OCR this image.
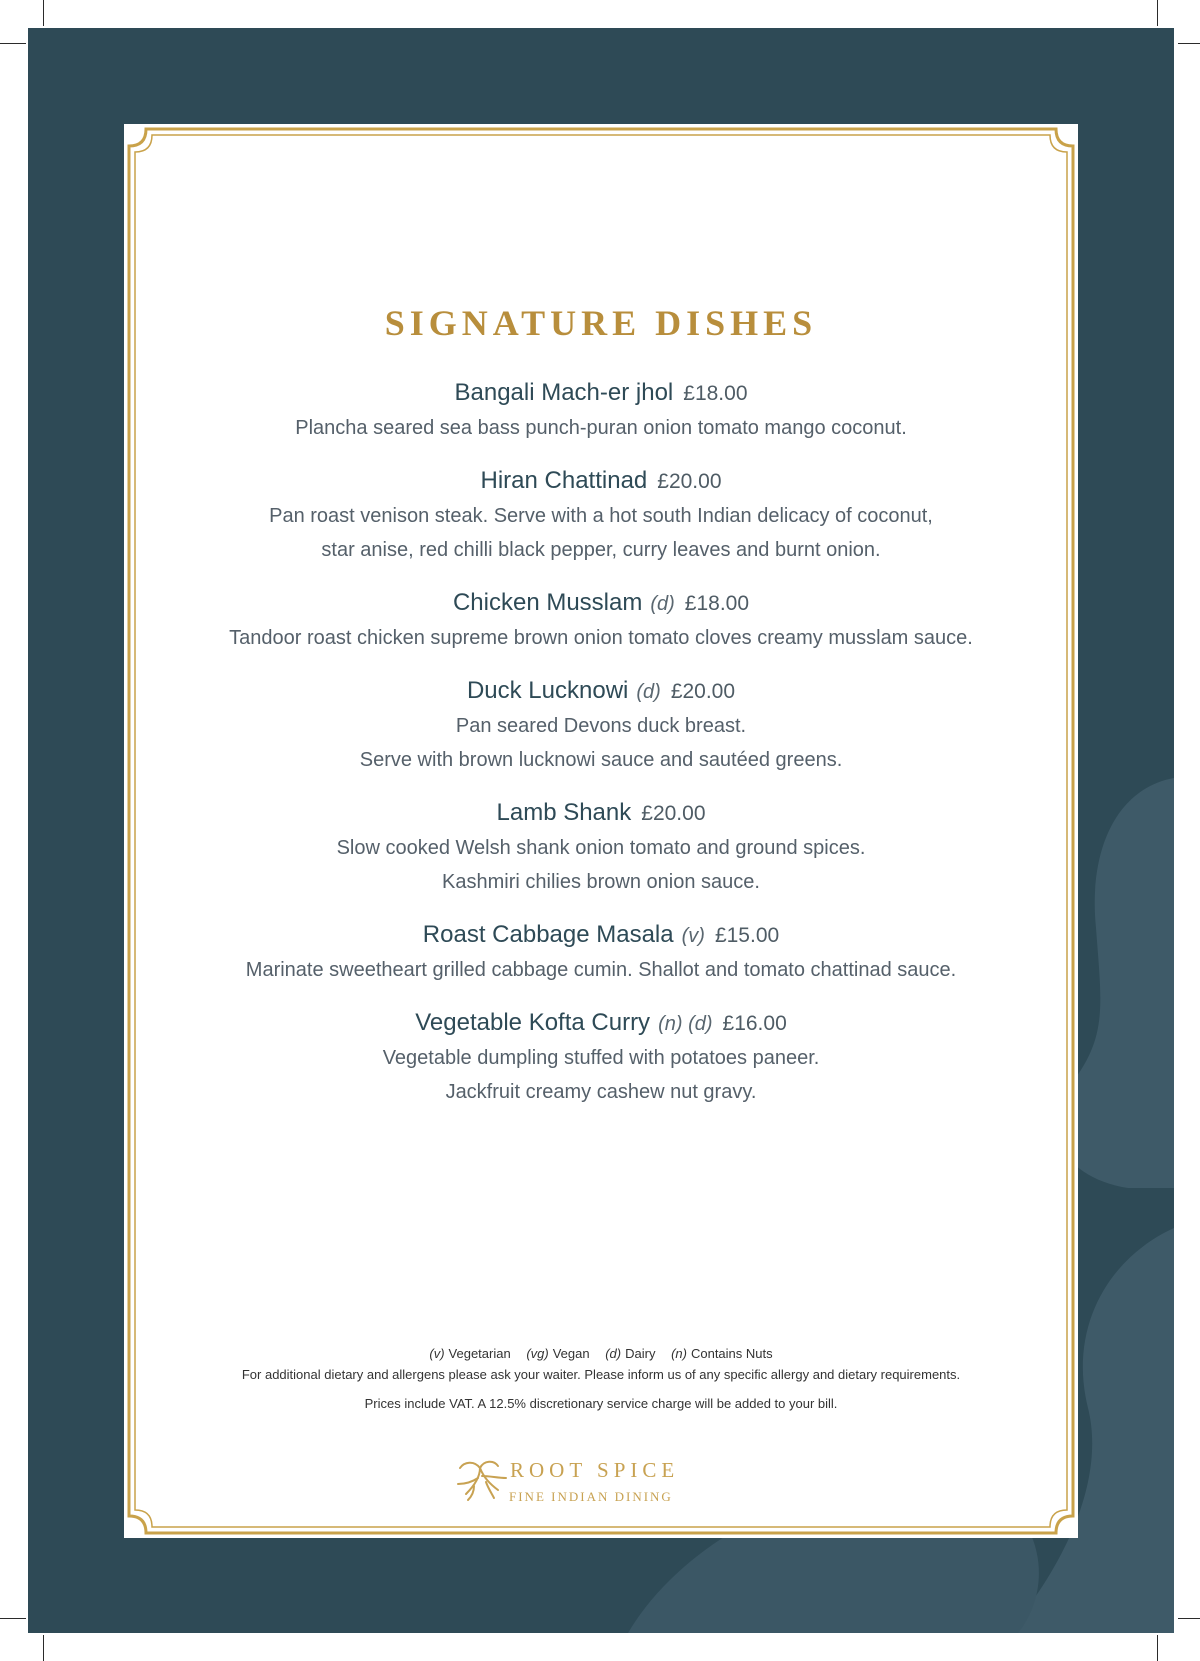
SIGNATURE DISHES
Bangali Mach-er jhol £18.00
Plancha seared sea bass punch-puran onion tomato mango coconut.
Hiran Chattinad £20.00
Pan roast venison steak. Serve with a hot south Indian delicacy of coconut,
star anise, red chilli black pepper, curry leaves and burnt onion.
Chicken Musslam (d) £18.00
Tandoor roast chicken supreme brown onion tomato cloves creamy musslam sauce.
Duck Lucknowi (d) £20.00
Pan seared Devons duck breast.
Serve with brown lucknowi sauce and sautéed greens.
Lamb Shank £20.00
Slow cooked Welsh shank onion tomato and ground spices.
Kashmiri chilies brown onion sauce.
Roast Cabbage Masala (v) £15.00
Marinate sweetheart grilled cabbage cumin. Shallot and tomato chattinad sauce.
Vegetable Kofta Curry (n) (d) £16.00
Vegetable dumpling stuffed with potatoes paneer.
Jackfruit creamy cashew nut gravy.
(v) Vegetarian (vg) Vegan (d) Dairy (n) Contains Nuts
For additional dietary and allergens please ask your waiter. Please inform us of any specific allergy and dietary requirements.
Prices include VAT. A 12.5% discretionary service charge will be added to your bill.
ROOT SPICE
FINE INDIAN DINING
